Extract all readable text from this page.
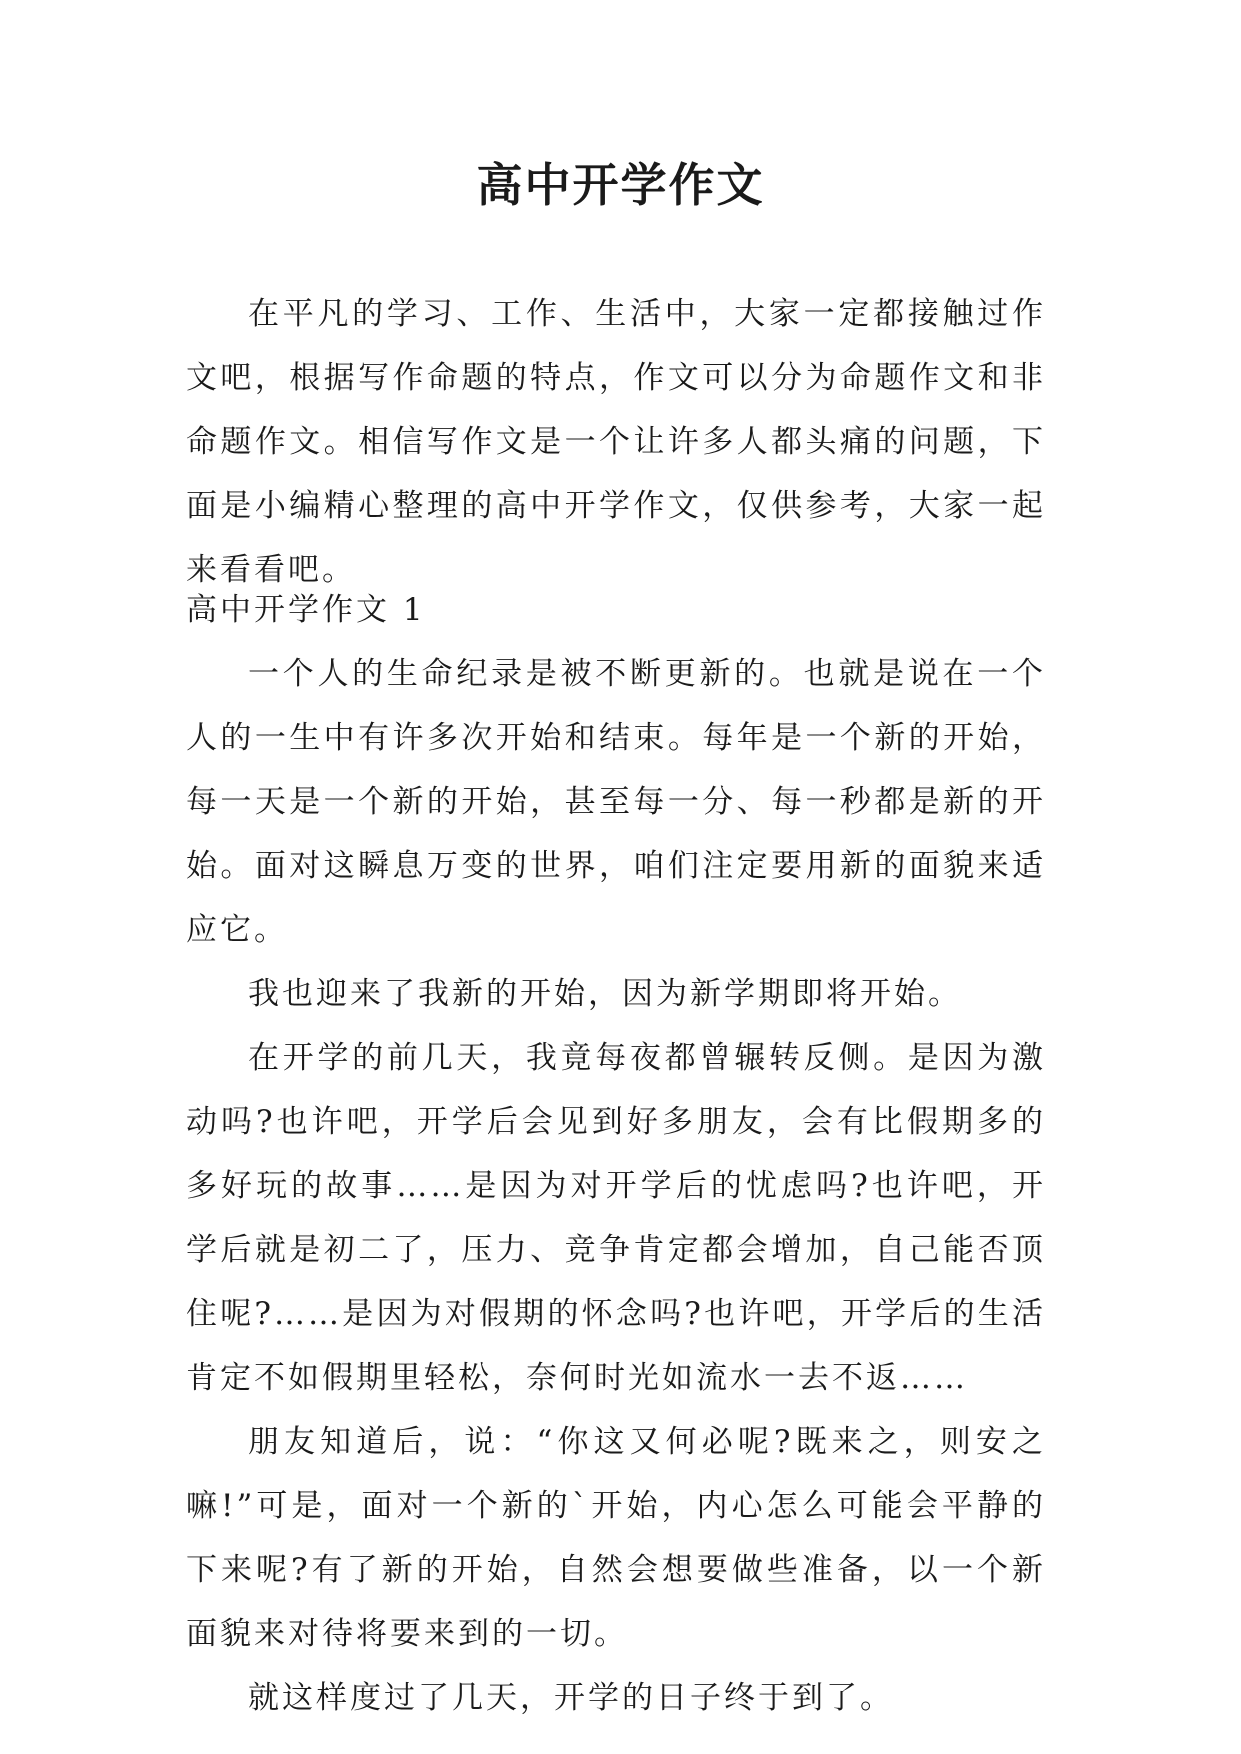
高中开学作文

在平凡的学习、工作、生活中，大家一定都接触过作文吧，根据写作命题的特点，作文可以分为命题作文和非命题作文。相信写作文是一个让许多人都头痛的问题，下面是小编精心整理的高中开学作文，仅供参考，大家一起来看看吧。

高中开学作文 1

一个人的生命纪录是被不断更新的。也就是说在一个人的一生中有许多次开始和结束。每年是一个新的开始，每一天是一个新的开始，甚至每一分、每一秒都是新的开始。面对这瞬息万变的世界，咱们注定要用新的面貌来适应它。

我也迎来了我新的开始，因为新学期即将开始。

在开学的前几天，我竟每夜都曾辗转反侧。是因为激动吗?也许吧，开学后会见到好多朋友，会有比假期多的多好玩的故事……是因为对开学后的忧虑吗?也许吧，开学后就是初二了，压力、竞争肯定都会增加，自己能否顶住呢?……是因为对假期的怀念吗?也许吧，开学后的生活肯定不如假期里轻松，奈何时光如流水一去不返……

朋友知道后，说：“你这又何必呢?既来之，则安之嘛!”可是，面对一个新的`开始，内心怎么可能会平静的下来呢?有了新的开始，自然会想要做些准备，以一个新面貌来对待将要来到的一切。

就这样度过了几天，开学的日子终于到了。
